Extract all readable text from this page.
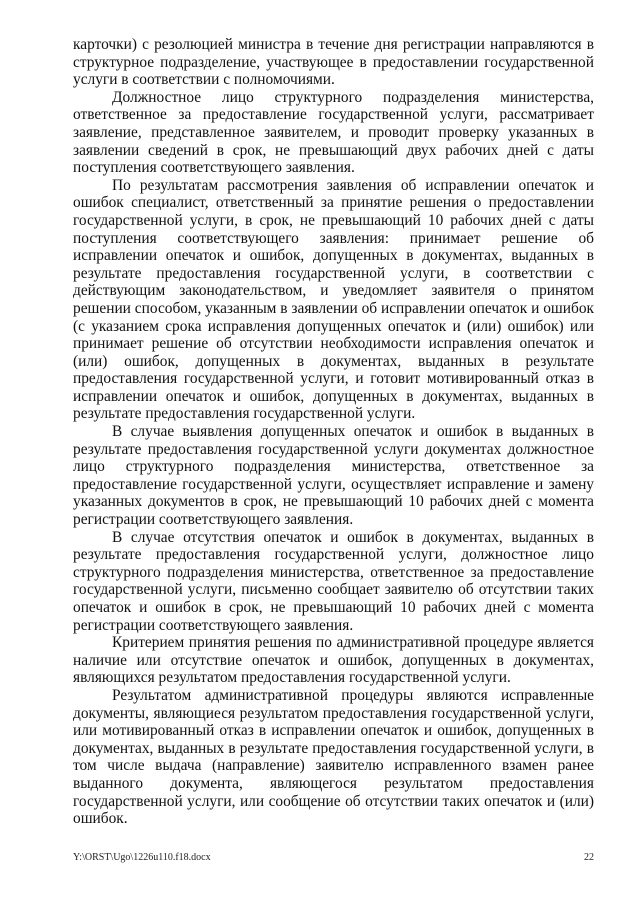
карточки) с резолюцией министра в течение дня регистрации направляются в структурное подразделение, участвующее в предоставлении государственной услуги в соответствии с полномочиями.

Должностное лицо структурного подразделения министерства, ответственное за предоставление государственной услуги, рассматривает заявление, представленное заявителем, и проводит проверку указанных в заявлении сведений в срок, не превышающий двух рабочих дней с даты поступления соответствующего заявления.

По результатам рассмотрения заявления об исправлении опечаток и ошибок специалист, ответственный за принятие решения о предоставлении государственной услуги, в срок, не превышающий 10 рабочих дней с даты поступления соответствующего заявления: принимает решение об исправлении опечаток и ошибок, допущенных в документах, выданных в результате предоставления государственной услуги, в соответствии с действующим законодательством, и уведомляет заявителя о принятом решении способом, указанным в заявлении об исправлении опечаток и ошибок (с указанием срока исправления допущенных опечаток и (или) ошибок) или принимает решение об отсутствии необходимости исправления опечаток и (или) ошибок, допущенных в документах, выданных в результате предоставления государственной услуги, и готовит мотивированный отказ в исправлении опечаток и ошибок, допущенных в документах, выданных в результате предоставления государственной услуги.

В случае выявления допущенных опечаток и ошибок в выданных в результате предоставления государственной услуги документах должностное лицо структурного подразделения министерства, ответственное за предоставление государственной услуги, осуществляет исправление и замену указанных документов в срок, не превышающий 10 рабочих дней с момента регистрации соответствующего заявления.

В случае отсутствия опечаток и ошибок в документах, выданных в результате предоставления государственной услуги, должностное лицо структурного подразделения министерства, ответственное за предоставление государственной услуги, письменно сообщает заявителю об отсутствии таких опечаток и ошибок в срок, не превышающий 10 рабочих дней с момента регистрации соответствующего заявления.

Критерием принятия решения по административной процедуре является наличие или отсутствие опечаток и ошибок, допущенных в документах, являющихся результатом предоставления государственной услуги.

Результатом административной процедуры являются исправленные документы, являющиеся результатом предоставления государственной услуги, или мотивированный отказ в исправлении опечаток и ошибок, допущенных в документах, выданных в результате предоставления государственной услуги, в том числе выдача (направление) заявителю исправленного взамен ранее выданного документа, являющегося результатом предоставления государственной услуги, или сообщение об отсутствии таких опечаток и (или) ошибок.

Y:\ORST\Ugo\1226u110.f18.docx	22
